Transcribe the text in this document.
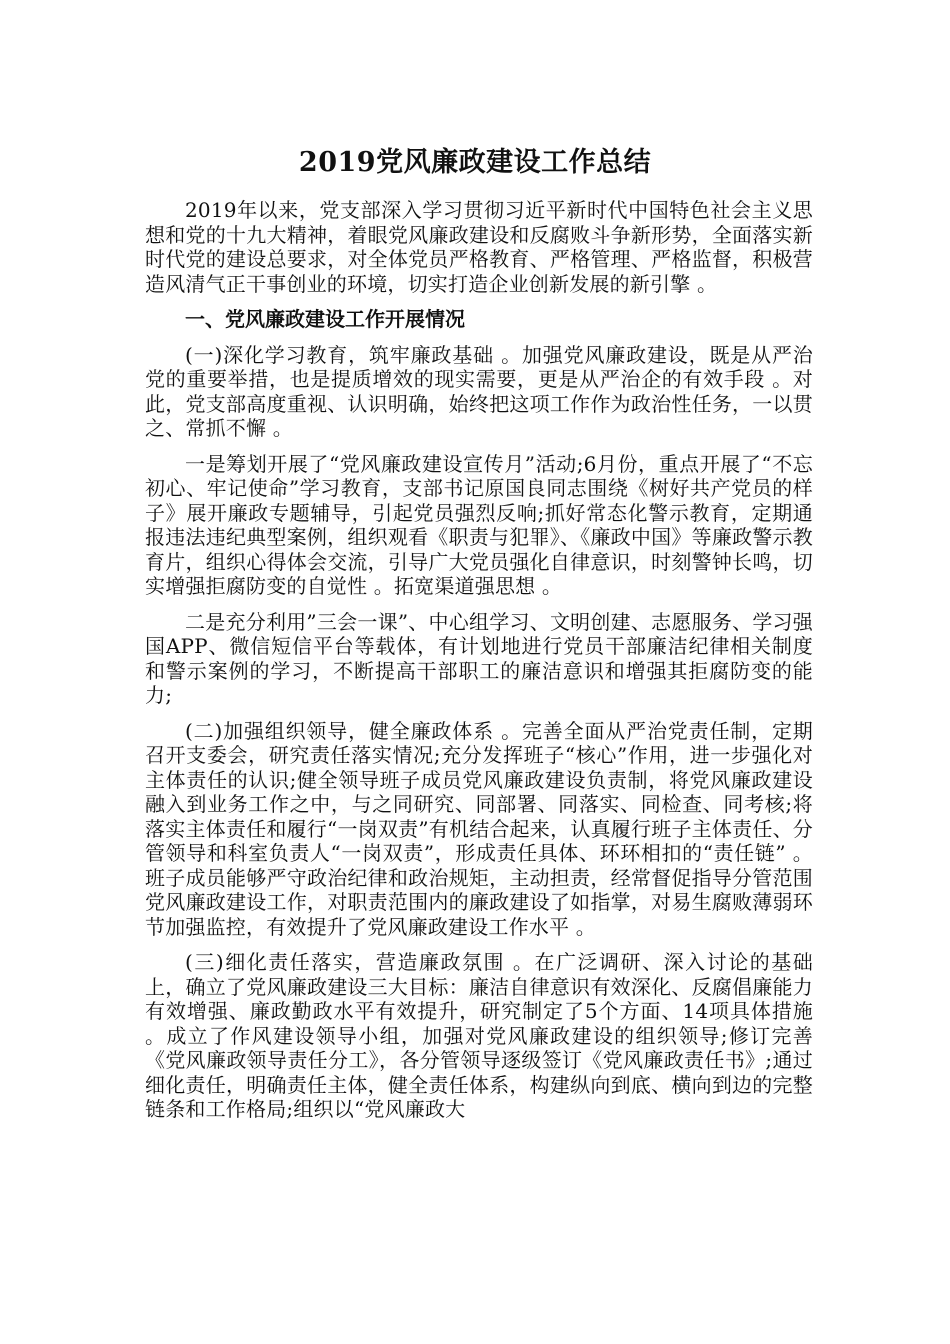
2019党风廉政建设工作总结

2019年以来，党支部深入学习贯彻习近平新时代中国特色社会主义思想和党的十九大精神，着眼党风廉政建设和反腐败斗争新形势，全面落实新时代党的建设总要求，对全体党员严格教育、严格管理、严格监督，积极营造风清气正干事创业的环境，切实打造企业创新发展的新引擎 。

一、党风廉政建设工作开展情况

(一)深化学习教育，筑牢廉政基础 。加强党风廉政建设，既是从严治党的重要举措，也是提质增效的现实需要，更是从严治企的有效手段 。对此，党支部高度重视、认识明确，始终把这项工作作为政治性任务，一以贯之、常抓不懈 。

一是筹划开展了“党风廉政建设宣传月”活动;6月份，重点开展了“不忘初心、牢记使命”学习教育，支部书记原国良同志围绕《树好共产党员的样子》展开廉政专题辅导，引起党员强烈反响;抓好常态化警示教育，定期通报违法违纪典型案例，组织观看《职责与犯罪》、《廉政中国》等廉政警示教育片，组织心得体会交流，引导广大党员强化自律意识，时刻警钟长鸣，切实增强拒腐防变的自觉性 。拓宽渠道强思想 。

二是充分利用”三会一课”、中心组学习、文明创建、志愿服务、学习强国APP、微信短信平台等载体，有计划地进行党员干部廉洁纪律相关制度和警示案例的学习，不断提高干部职工的廉洁意识和增强其拒腐防变的能力;

(二)加强组织领导，健全廉政体系 。完善全面从严治党责任制，定期召开支委会，研究责任落实情况;充分发挥班子“核心”作用，进一步强化对主体责任的认识;健全领导班子成员党风廉政建设负责制，将党风廉政建设融入到业务工作之中，与之同研究、同部署、同落实、同检查、同考核;将落实主体责任和履行“一岗双责”有机结合起来，认真履行班子主体责任、分管领导和科室负责人“一岗双责”，形成责任具体、环环相扣的“责任链” 。班子成员能够严守政治纪律和政治规矩，主动担责，经常督促指导分管范围党风廉政建设工作，对职责范围内的廉政建设了如指掌，对易生腐败薄弱环节加强监控，有效提升了党风廉政建设工作水平 。

(三)细化责任落实，营造廉政氛围 。在广泛调研、深入讨论的基础上，确立了党风廉政建设三大目标：廉洁自律意识有效深化、反腐倡廉能力有效增强、廉政勤政水平有效提升，研究制定了5个方面、14项具体措施 。成立了作风建设领导小组，加强对党风廉政建设的组织领导;修订完善《党风廉政领导责任分工》，各分管领导逐级签订《党风廉政责任书》;通过细化责任，明确责任主体，健全责任体系，构建纵向到底、横向到边的完整链条和工作格局;组织以“党风廉政大
